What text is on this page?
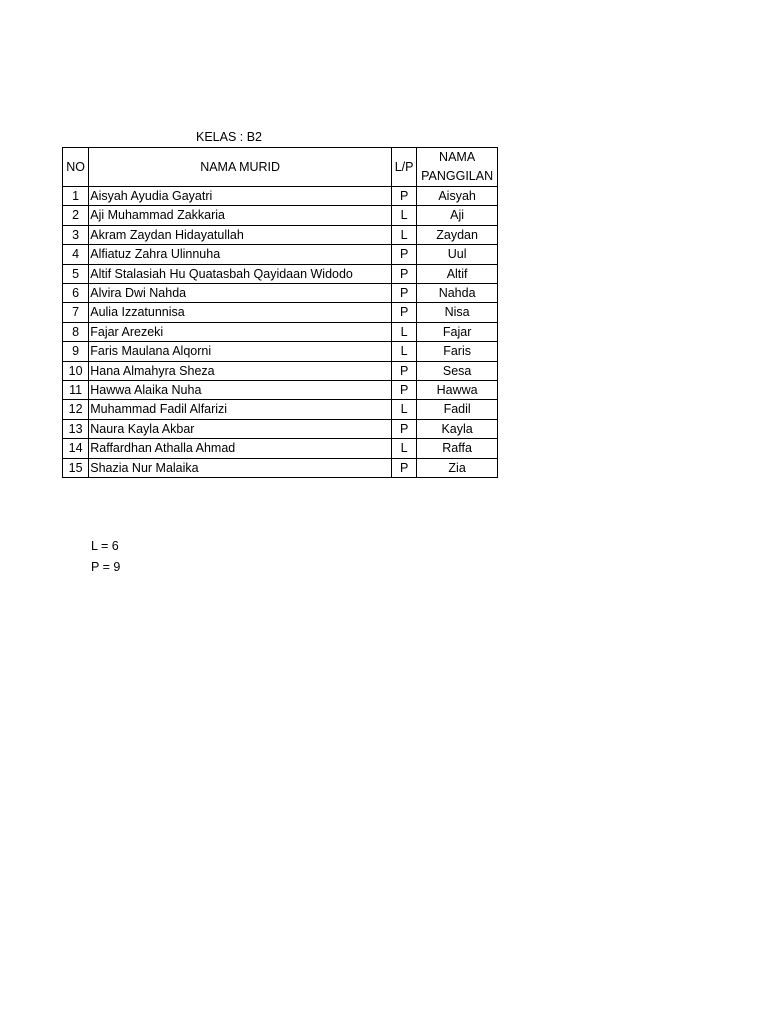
KELAS : B2
NO	NAMA MURID	L/P	NAMA
PANGGILAN
1	Aisyah Ayudia Gayatri	P	Aisyah
2	Aji Muhammad Zakkaria	L	Aji
3	Akram Zaydan Hidayatullah	L	Zaydan
4	Alfiatuz Zahra Ulinnuha	P	Uul
5	Altif Stalasiah Hu Quatasbah Qayidaan Widodo	P	Altif
6	Alvira Dwi Nahda	P	Nahda
7	Aulia Izzatunnisa	P	Nisa
8	Fajar Arezeki	L	Fajar
9	Faris Maulana Alqorni	L	Faris
10	Hana Almahyra Sheza	P	Sesa
11	Hawwa Alaika Nuha	P	Hawwa
12	Muhammad Fadil Alfarizi	L	Fadil
13	Naura Kayla Akbar	P	Kayla
14	Raffardhan Athalla Ahmad	L	Raffa
15	Shazia Nur Malaika	P	Zia
L = 6
P = 9
